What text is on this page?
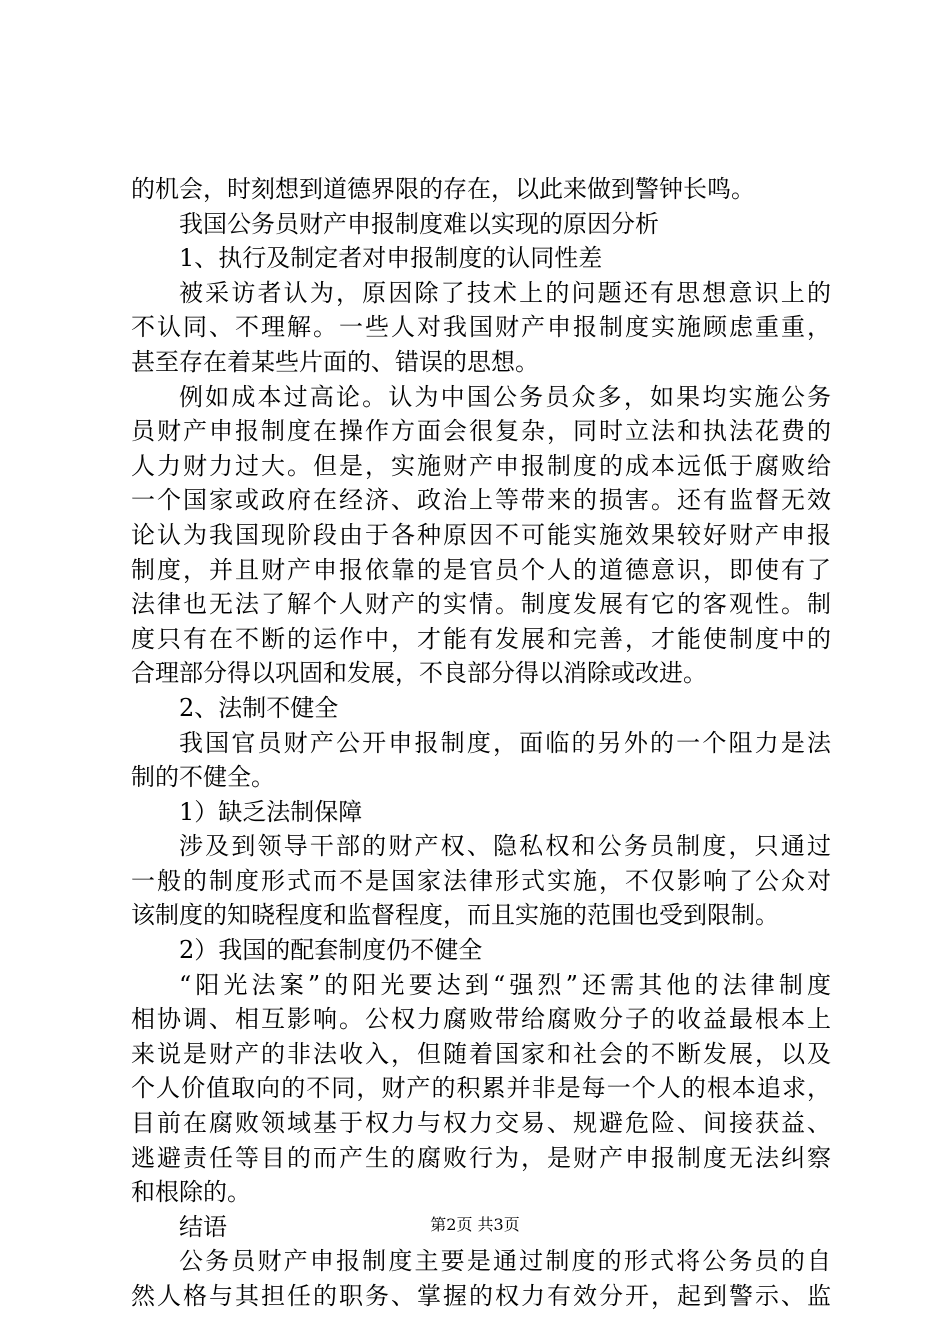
的机会，时刻想到道德界限的存在，以此来做到警钟长鸣。
我国公务员财产申报制度难以实现的原因分析
1、执行及制定者对申报制度的认同性差
被采访者认为，原因除了技术上的问题还有思想意识上的
不认同、不理解。一些人对我国财产申报制度实施顾虑重重，
甚至存在着某些片面的、错误的思想。
例如成本过高论。认为中国公务员众多，如果均实施公务
员财产申报制度在操作方面会很复杂，同时立法和执法花费的
人力财力过大。但是，实施财产申报制度的成本远低于腐败给
一个国家或政府在经济、政治上等带来的损害。还有监督无效
论认为我国现阶段由于各种原因不可能实施效果较好财产申报
制度，并且财产申报依靠的是官员个人的道德意识，即使有了
法律也无法了解个人财产的实情。制度发展有它的客观性。制
度只有在不断的运作中，才能有发展和完善，才能使制度中的
合理部分得以巩固和发展，不良部分得以消除或改进。
2、法制不健全
我国官员财产公开申报制度，面临的另外的一个阻力是法
制的不健全。
1）缺乏法制保障
涉及到领导干部的财产权、隐私权和公务员制度，只通过
一般的制度形式而不是国家法律形式实施，不仅影响了公众对
该制度的知晓程度和监督程度，而且实施的范围也受到限制。
2）我国的配套制度仍不健全
“阳光法案”的阳光要达到“强烈”还需其他的法律制度
相协调、相互影响。公权力腐败带给腐败分子的收益最根本上
来说是财产的非法收入，但随着国家和社会的不断发展，以及
个人价值取向的不同，财产的积累并非是每一个人的根本追求，
目前在腐败领域基于权力与权力交易、规避危险、间接获益、
逃避责任等目的而产生的腐败行为，是财产申报制度无法纠察
和根除的。
结语
公务员财产申报制度主要是通过制度的形式将公务员的自
然人格与其担任的职务、掌握的权力有效分开，起到警示、监
第2页 共3页
